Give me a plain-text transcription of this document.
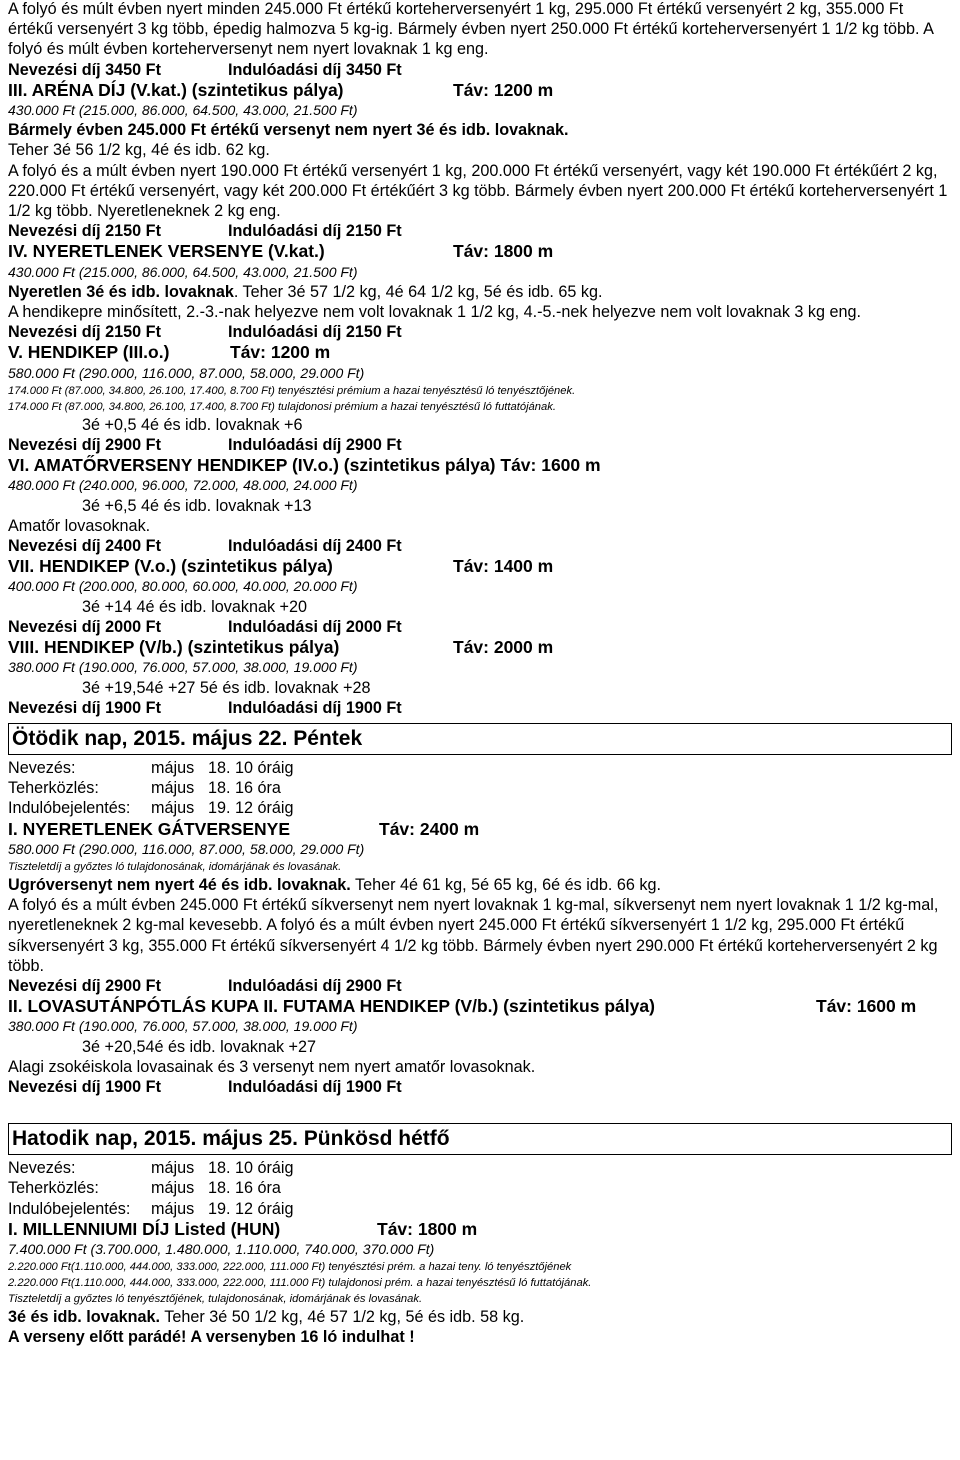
A folyó és múlt évben nyert minden 245.000 Ft értékű korteherversenyért 1 kg, 295.000 Ft értékű versenyért 2 kg, 355.000 Ft értékű versenyért 3 kg több, épedig halmozva 5 kg-ig. Bármely évben nyert 250.000 Ft értékű korteherversenyért 1 1/2 kg több. A folyó és múlt évben korteherversenyt nem nyert lovaknak 1 kg eng.
Nevezési díj 3450 Ft	Indulóadási díj 3450 Ft
III. ARÉNA DÍJ (V.kat.) (szintetikus pálya)	Táv: 1200 m
430.000 Ft (215.000, 86.000, 64.500, 43.000, 21.500 Ft)
Bármely évben 245.000 Ft értékű versenyt nem nyert 3é és idb. lovaknak.
Teher 3é 56 1/2 kg, 4é és idb. 62 kg.
A folyó és a múlt évben nyert 190.000 Ft értékű versenyért 1 kg, 200.000 Ft értékű versenyért, vagy két 190.000 Ft értékűért 2 kg, 220.000 Ft értékű versenyért, vagy két 200.000 Ft értékűért 3 kg több. Bármely évben nyert 200.000 Ft értékű korteherversenyért 1 1/2 kg több. Nyeretleneknek 2 kg eng.
Nevezési díj 2150 Ft	Indulóadási díj 2150 Ft
IV. NYERETLENEK VERSENYE (V.kat.)	Táv: 1800 m
430.000 Ft (215.000, 86.000, 64.500, 43.000, 21.500 Ft)
Nyeretlen 3é és idb. lovaknak. Teher 3é 57 1/2 kg, 4é 64 1/2 kg, 5é és idb. 65 kg.
A hendikepre minősített, 2.-3.-nak helyezve nem volt lovaknak 1 1/2 kg, 4.-5.-nek helyezve nem volt lovaknak 3 kg eng.
Nevezési díj 2150 Ft	Indulóadási díj 2150 Ft
V. HENDIKEP (III.o.)	Táv: 1200 m
580.000 Ft (290.000, 116.000, 87.000, 58.000, 29.000 Ft)
174.000 Ft (87.000, 34.800, 26.100, 17.400, 8.700 Ft) tenyésztési prémium a hazai tenyésztésű ló tenyésztőjének.
174.000 Ft (87.000, 34.800, 26.100, 17.400, 8.700 Ft) tulajdonosi prémium a hazai tenyésztésű ló futtatójának.
3é +0,5 4é és idb. lovaknak +6
Nevezési díj 2900 Ft	Indulóadási díj 2900 Ft
VI. AMATŐRVERSENY HENDIKEP (IV.o.) (szintetikus pálya) Táv: 1600 m
480.000 Ft (240.000, 96.000, 72.000, 48.000, 24.000 Ft)
3é +6,5 4é és idb. lovaknak +13
Amatőr lovasoknak.
Nevezési díj 2400 Ft	Indulóadási díj 2400 Ft
VII. HENDIKEP (V.o.) (szintetikus pálya)	Táv: 1400 m
400.000 Ft (200.000, 80.000, 60.000, 40.000, 20.000 Ft)
3é +14 4é és idb. lovaknak +20
Nevezési díj 2000 Ft	Indulóadási díj 2000 Ft
VIII. HENDIKEP (V/b.) (szintetikus pálya)	Táv: 2000 m
380.000 Ft (190.000, 76.000, 57.000, 38.000, 19.000 Ft)
3é +19,54é +27 5é és idb. lovaknak +28
Nevezési díj 1900 Ft	Indulóadási díj 1900 Ft
Ötödik nap, 2015. május 22. Péntek
Nevezés:	május 18. 10 óráig
Teherközlés:	május 18. 16 óra
Indulóbejelentés:	május 19. 12 óráig
I. NYERETLENEK GÁTVERSENYE	Táv: 2400 m
580.000 Ft (290.000, 116.000, 87.000, 58.000, 29.000 Ft)
Tiszteletdíj a győztes ló tulajdonosának, idomárjának és lovasának.
Ugróversenyt nem nyert 4é és idb. lovaknak. Teher 4é 61 kg, 5é 65 kg, 6é és idb. 66 kg.
A folyó és a múlt évben 245.000 Ft értékű síkversenyt nem nyert lovaknak 1 kg-mal, síkversenyt nem nyert lovaknak 1 1/2 kg-mal, nyeretleneknek 2 kg-mal kevesebb. A folyó és a múlt évben nyert 245.000 Ft értékű síkversenyért 1 1/2 kg, 295.000 Ft értékű síkversenyért 3 kg, 355.000 Ft értékű síkversenyért 4 1/2 kg több. Bármely évben nyert 290.000 Ft értékű korteherversenyért 2 kg több.
Nevezési díj 2900 Ft	Indulóadási díj 2900 Ft
II. LOVASUTÁNPÓTLÁS KUPA II. FUTAMA HENDIKEP (V/b.) (szintetikus pálya)	Táv: 1600 m
380.000 Ft (190.000, 76.000, 57.000, 38.000, 19.000 Ft)
3é +20,54é és idb. lovaknak +27
Alagi zsokéiskola lovasainak és 3 versenyt nem nyert amatőr lovasoknak.
Nevezési díj 1900 Ft	Indulóadási díj 1900 Ft
Hatodik nap, 2015. május 25. Pünkösd hétfő
Nevezés:	május 18. 10 óráig
Teherközlés:	május 18. 16 óra
Indulóbejelentés:	május 19. 12 óráig
I. MILLENNIUMI DÍJ Listed (HUN)	Táv: 1800 m
7.400.000 Ft (3.700.000, 1.480.000, 1.110.000, 740.000, 370.000 Ft)
2.220.000 Ft(1.110.000, 444.000, 333.000, 222.000, 111.000 Ft) tenyésztési prém. a hazai teny. ló tenyésztőjének
2.220.000 Ft(1.110.000, 444.000, 333.000, 222.000, 111.000 Ft) tulajdonosi prém. a hazai tenyésztésű ló futtatójának.
Tiszteletdíj a győztes ló tenyésztőjének, tulajdonosának, idomárjának és lovasának.
3é és idb. lovaknak. Teher 3é 50 1/2 kg, 4é 57 1/2 kg, 5é és idb. 58 kg.
A verseny előtt parádé! A versenyben 16 ló indulhat !
